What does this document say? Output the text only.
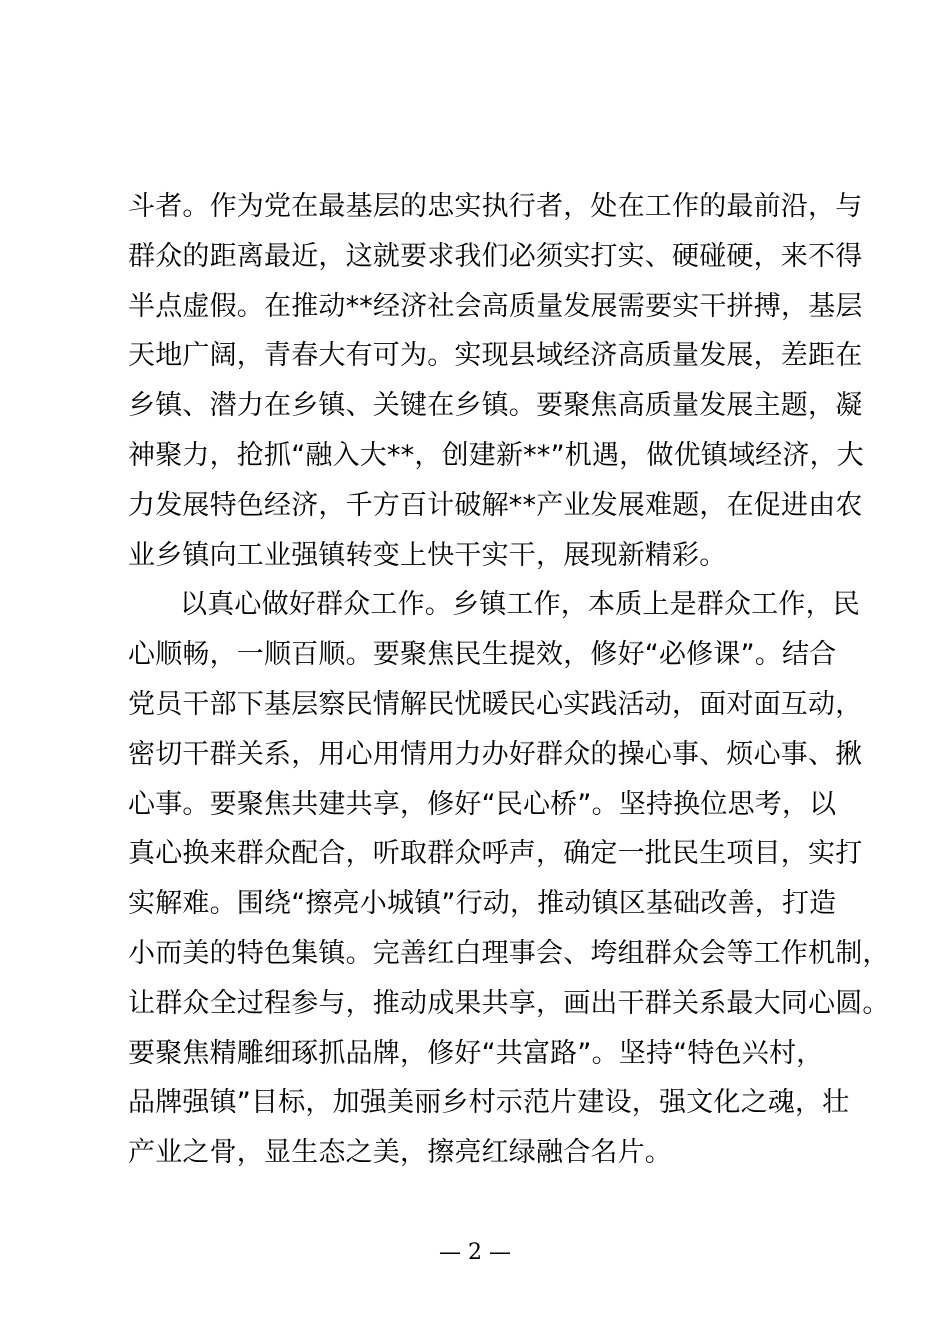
斗者。作为党在最基层的忠实执行者，处在工作的最前沿，与
群众的距离最近，这就要求我们必须实打实、硬碰硬，来不得
半点虚假。在推动**经济社会高质量发展需要实干拼搏，基层
天地广阔，青春大有可为。实现县域经济高质量发展，差距在
乡镇、潜力在乡镇、关键在乡镇。要聚焦高质量发展主题，凝
神聚力，抢抓“融入大**，创建新**”机遇，做优镇域经济，大
力发展特色经济，千方百计破解**产业发展难题，在促进由农
业乡镇向工业强镇转变上快干实干，展现新精彩。
以真心做好群众工作。乡镇工作，本质上是群众工作，民
心顺畅，一顺百顺。要聚焦民生提效，修好“必修课”。结合
党员干部下基层察民情解民忧暖民心实践活动，面对面互动，
密切干群关系，用心用情用力办好群众的操心事、烦心事、揪
心事。要聚焦共建共享，修好“民心桥”。坚持换位思考，以
真心换来群众配合，听取群众呼声，确定一批民生项目，实打
实解难。围绕“擦亮小城镇”行动，推动镇区基础改善，打造
小而美的特色集镇。完善红白理事会、垮组群众会等工作机制，
让群众全过程参与，推动成果共享，画出干群关系最大同心圆。
要聚焦精雕细琢抓品牌，修好“共富路”。坚持“特色兴村，
品牌强镇”目标，加强美丽乡村示范片建设，强文化之魂，壮
产业之骨，显生态之美，擦亮红绿融合名片。
— 2 —
